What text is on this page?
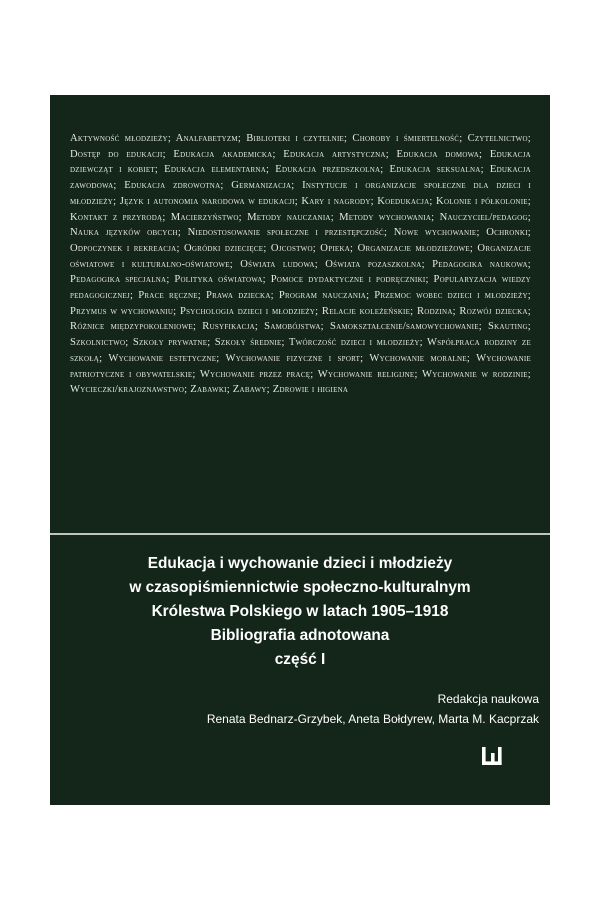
Aktywność młodzieży; Analfabetyzm; Biblioteki i czytelnie; Choroby i śmiertelność; Czytelnictwo; Dostęp do edukacji; Edukacja akademicka; Edukacja artystyczna; Edukacja domowa; Edukacja dziewcząt i kobiet; Edukacja elementarna; Edukacja przedszkolna; Edukacja seksualna; Edukacja zawodowa; Edukacja zdrowotna; Germanizacja; Instytucje i organizacje społeczne dla dzieci i młodzieży; Język i autonomia narodowa w edukacji; Kary i nagrody; Koedukacja; Kolonie i półkolonie; Kontakt z przyrodą; Macierzyństwo; Metody nauczania; Metody wychowania; Nauczyciel/pedagog; Nauka języków obcych; Niedostosowanie społeczne i przestępczość; Nowe wychowanie; Ochronki; Odpoczynek i rekreacja; Ogródki dziecięce; Ojcostwo; Opieka; Organizacje młodzieżowe; Organizacje oświatowe i kulturalno-oświatowe; Oświata ludowa; Oświata pozaszkolna; Pedagogika naukowa; Pedagogika specjalna; Polityka oświatowa; Pomoce dydaktyczne i podręczniki; Popularyzacja wiedzy pedagogicznej; Prace ręczne; Prawa dziecka; Program nauczania; Przemoc wobec dzieci i młodzieży; Przymus w wychowaniu; Psychologia dzieci i młodzieży; Relacje koleżeńskie; Rodzina; Rozwój dziecka; Różnice międzypokoleniowe; Rusyfikacja; Samobójstwa; Samokształcenie/samowychowanie; Skauting; Szkolnictwo; Szkoły prywatne; Szkoły średnie; Twórczość dzieci i młodzieży; Współpraca rodziny ze szkołą; Wychowanie estetyczne; Wychowanie fizyczne i sport; Wychowanie moralne; Wychowanie patriotyczne i obywatelskie; Wychowanie przez pracę; Wychowanie religijne; Wychowanie w rodzinie; Wycieczki/krajoznawstwo; Zabawki; Zabawy; Zdrowie i higiena

Edukacja i wychowanie dzieci i młodzieży
w czasopiśmiennictwie społeczno-kulturalnym
Królestwa Polskiego w latach 1905–1918
Bibliografia adnotowana
część I

Redakcja naukowa

Renata Bednarz-Grzybek, Aneta Bołdyrew, Marta M. Kacprzak
